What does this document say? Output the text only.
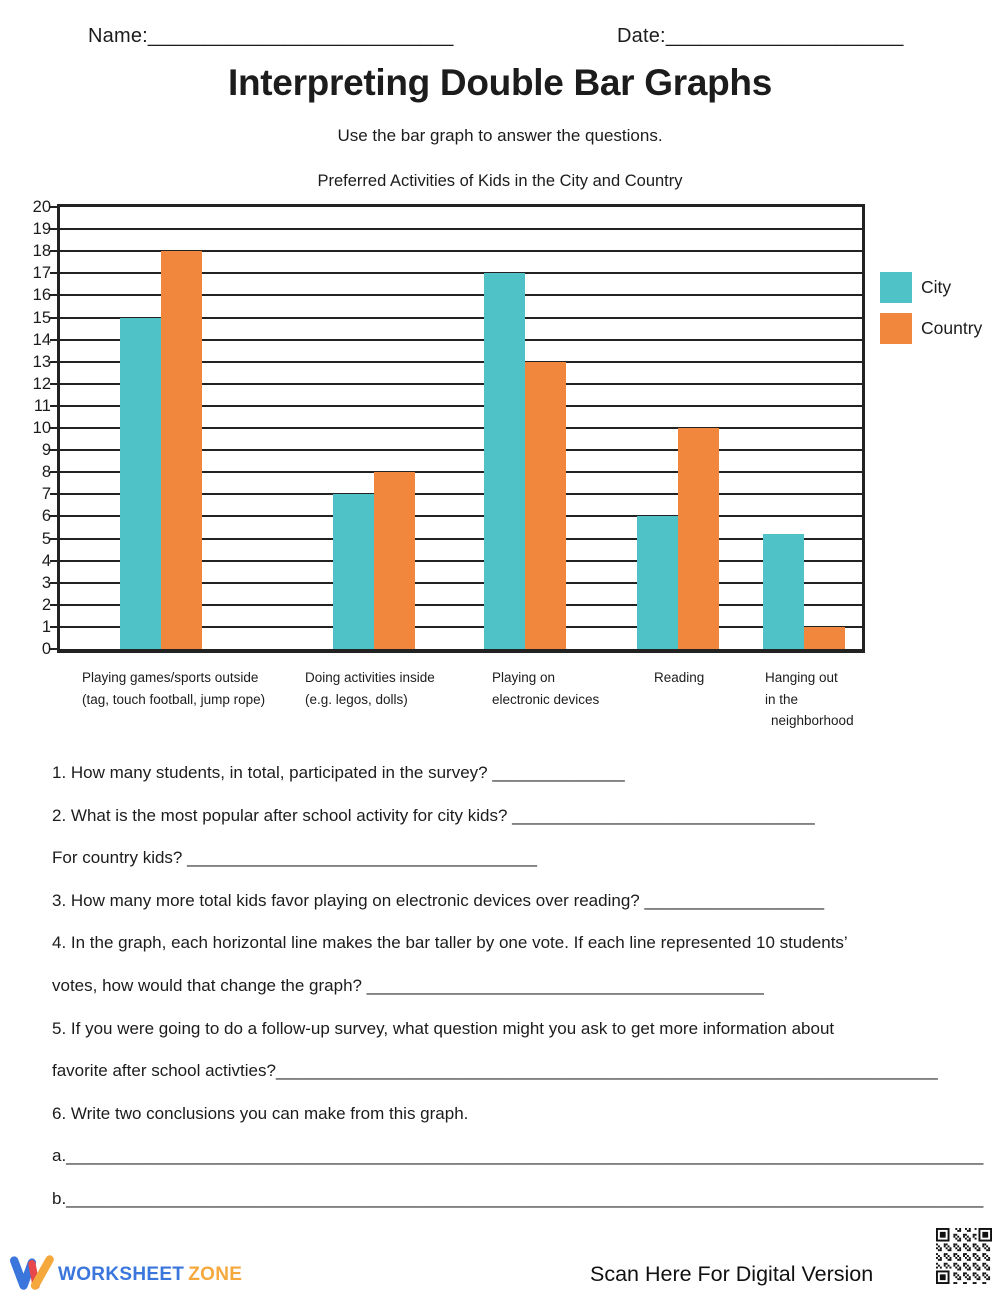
Name:___________________________	Date:_____________________
Interpreting Double Bar Graphs
Use the bar graph to answer the questions.
Preferred Activities of Kids in the City and Country
City
Country
1. How many students, in total, participated in the survey? ______________
2. What is the most popular after school activity for city kids? ________________________________
For country kids? _____________________________________
3. How many more total kids favor playing on electronic devices over reading? ___________________
4. In the graph, each horizontal line makes the bar taller by one vote. If each line represented 10 students’
votes, how would that change the graph? __________________________________________
5. If you were going to do a follow-up survey, what question might you ask to get more information about
favorite after school activties?______________________________________________________________________
6. Write two conclusions you can make from this graph.
a._________________________________________________________________________________________________
b._________________________________________________________________________________________________
WORKSHEET ZONE	Scan Here For Digital Version
0
1
2
3
4
5
6
7
8
9
10
11
12
13
14
15
16
17
18
19
20
Playing games/sports outside
(tag, touch football, jump rope)
Doing activities inside
(e.g. legos, dolls)
Playing on
electronic devices
Reading	Hanging out
in the
neighborhood
